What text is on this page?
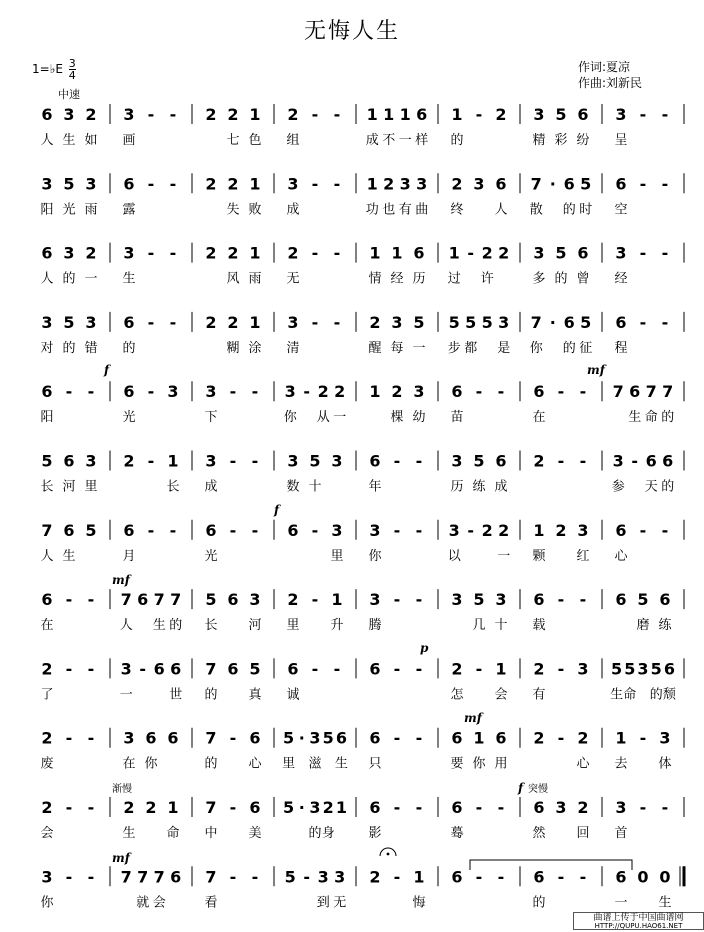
无悔人生
1=♭E $\frac{3}{4}$
中速
作词:夏凉
作曲:刘新民
6 3 2 3 - - 2 2 1 2 - - 1 1 1 6 1 - 2 3 5 6 3 - -
人 生 如 画	七 色 组	成 不 一 样 的	精 彩 纷 呈
3 5 3 6 - - 2 2 1 3 - - 1 2 3 3 2 3 6 7 · 6 5 6 - -
阳 光 雨 露	失 败 成	功 也 有 曲 终 人 散 的 时 空
6 3 2 3 - - 2 2 1 2 - - 1 1 6 1 - 2 2 3 5 6 3 - -
人 的 一 生	风 雨 无	情 经 历 过 许	多 的 曾 经
3 5 3 6 - - 2 2 1 3 - - 2 3 5 5 5 5 3 7 · 6 5 6 - -
对 的 错 的	糊 涂 清	醒 每 一 步 都 是 你 的 征 程
6 - - 6 - 3 3 - - 3 - 2 2 1 2 3 6 - - 6 - - 7 6 7 7
阳	光	下	你 从 一	棵 幼 苗	在	生 命 的
5 6 3 2 - 1 3 - - 3 5 3 6 - - 3 5 6 2 - - 3 - 6 6
长 河 里	长 成	数 十	年	历 练 成	参 天 的
7 6 5 6 - - 6 - - 6 - 3 3 - - 3 - 2 2 1 2 3 6 - -
人 生	月	光	里 你	以	一 颗 红 心
6 - - 7 6 7 7 5 6 3 2 - 1 3 - - 3 5 3 6 - - 6 5 6
在	人 生 的 长 河 里 升 腾	几 十 载	磨 练
2 - - 3 - 6 6 7 6 5 6 - - 6 - - 2 - 1 2 - 3 5 5 3 5 6
了	一	世 的 真 诚	怎 会 有	生 命 的 颓
2 - - 3 6 6 7 - 6 5 · 3 5 6 6 - - 6 1 6 2 - 2 1 - 3
废	在 你	的 心 里 滋 生 只	要 你 用	心 去 体
2 - - 2 2 1 7 - 6 5 · 3 2 1 6 - - 6 - - 6 3 2 3 - -
会	生 命 中 美	的 身	影	蓦	然 回 首
3 - - 7 7 7 6 7 - - 5 - 3 3 2 - 1 6 - - 6 - - 6 0 0
你	就 会	看	到 无	悔	的	一 生
f	mf
f
mf
p
mf
渐慢	f 突慢
mf
曲谱上传于中国曲谱网
HTTP://QUPU.HAO61.NET
